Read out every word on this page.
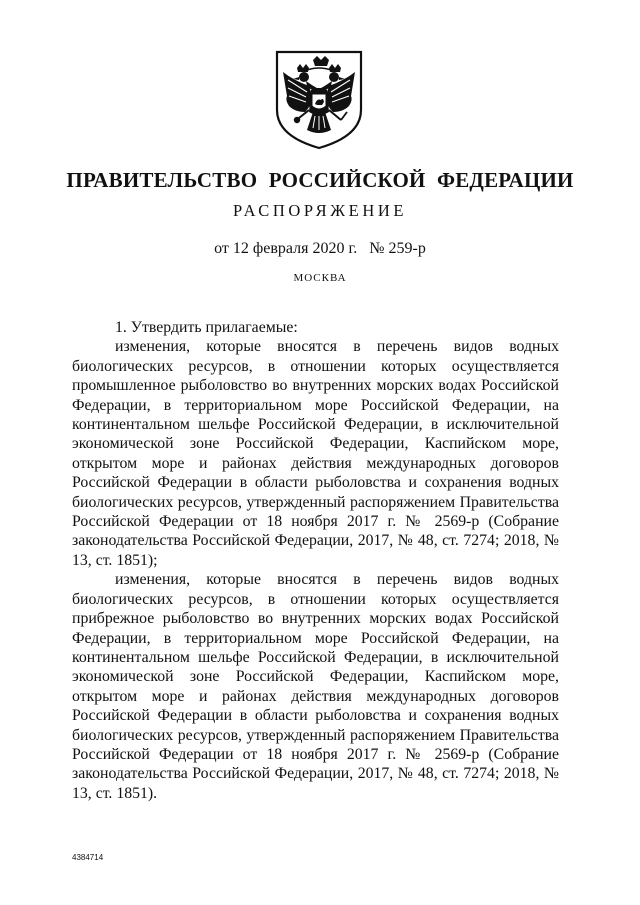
ПРАВИТЕЛЬСТВО РОССИЙСКОЙ ФЕДЕРАЦИИ
РАСПОРЯЖЕНИЕ
от 12 февраля 2020 г.   № 259-р
МОСКВА

1. Утвердить прилагаемые:

изменения, которые вносятся в перечень видов водных биологических ресурсов, в отношении которых осуществляется промышленное рыболовство во внутренних морских водах Российской Федерации, в территориальном море Российской Федерации, на континентальном шельфе Российской Федерации, в исключительной экономической зоне Российской Федерации, Каспийском море, открытом море и районах действия международных договоров Российской Федерации в области рыболовства и сохранения водных биологических ресурсов, утвержденный распоряжением Правительства Российской Федерации от 18 ноября 2017 г. № 2569-р (Собрание законодательства Российской Федерации, 2017, № 48, ст. 7274; 2018, № 13, ст. 1851);

изменения, которые вносятся в перечень видов водных биологических ресурсов, в отношении которых осуществляется прибрежное рыболовство во внутренних морских водах Российской Федерации, в территориальном море Российской Федерации, на континентальном шельфе Российской Федерации, в исключительной экономической зоне Российской Федерации, Каспийском море, открытом море и районах действия международных договоров Российской Федерации в области рыболовства и сохранения водных биологических ресурсов, утвержденный распоряжением Правительства Российской Федерации от 18 ноября 2017 г. № 2569-р (Собрание законодательства Российской Федерации, 2017, № 48, ст. 7274; 2018, № 13, ст. 1851).

4384714
